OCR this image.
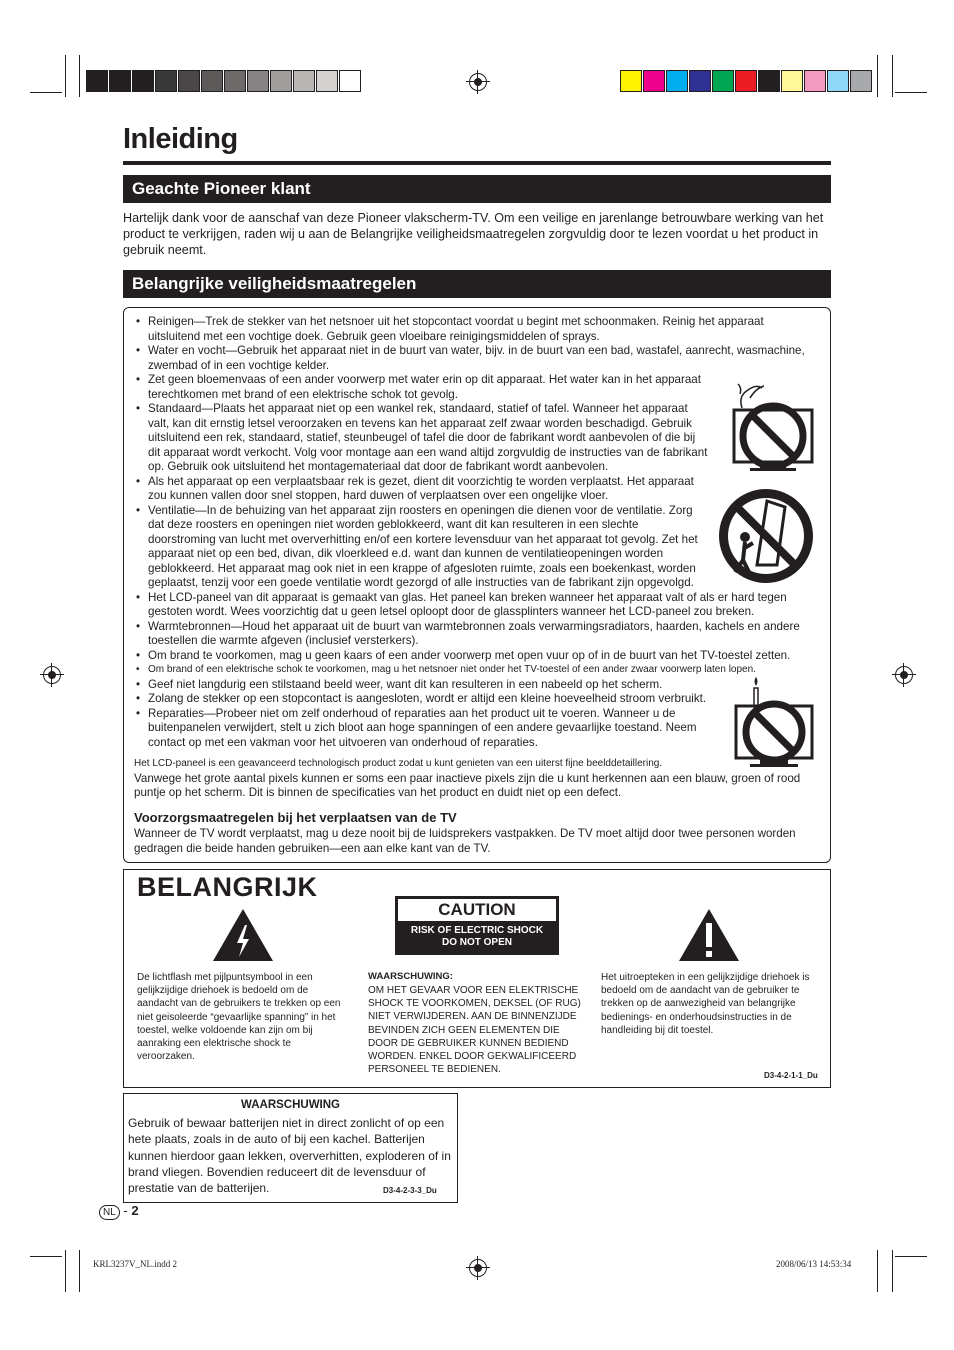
Inleiding
Geachte Pioneer klant

Hartelijk dank voor de aanschaf van deze Pioneer vlakscherm-TV. Om een veilige en jarenlange betrouwbare werking van het product te verkrijgen, raden wij u aan de Belangrijke veiligheidsmaatregelen zorgvuldig door te lezen voordat u het product in gebruik neemt.

Belangrijke veiligheidsmaatregelen
• Reinigen—Trek de stekker van het netsnoer uit het stopcontact voordat u begint met schoonmaken. Reinig het apparaat uitsluitend met een vochtige doek. Gebruik geen vloeibare reinigingsmiddelen of sprays.
• Water en vocht—Gebruik het apparaat niet in de buurt van water, bijv. in de buurt van een bad, wastafel, aanrecht, wasmachine, zwembad of in een vochtige kelder.
• Zet geen bloemenvaas of een ander voorwerp met water erin op dit apparaat. Het water kan in het apparaat terechtkomen met brand of een elektrische schok tot gevolg.
• Standaard—Plaats het apparaat niet op een wankel rek, standaard, statief of tafel. Wanneer het apparaat valt, kan dit ernstig letsel veroorzaken en tevens kan het apparaat zelf zwaar worden beschadigd. Gebruik uitsluitend een rek, standaard, statief, steunbeugel of tafel die door de fabrikant wordt aanbevolen of die bij dit apparaat wordt verkocht. Volg voor montage aan een wand altijd zorgvuldig de instructies van de fabrikant op. Gebruik ook uitsluitend het montagemateriaal dat door de fabrikant wordt aanbevolen.
• Als het apparaat op een verplaatsbaar rek is gezet, dient dit voorzichtig te worden verplaatst. Het apparaat zou kunnen vallen door snel stoppen, hard duwen of verplaatsen over een ongelijke vloer.
• Ventilatie—In de behuizing van het apparaat zijn roosters en openingen die dienen voor de ventilatie. Zorg dat deze roosters en openingen niet worden geblokkeerd, want dit kan resulteren in een slechte doorstroming van lucht met oververhitting en/of een kortere levensduur van het apparaat tot gevolg. Zet het apparaat niet op een bed, divan, dik vloerkleed e.d. want dan kunnen de ventilatieopeningen worden geblokkeerd. Het apparaat mag ook niet in een krappe of afgesloten ruimte, zoals een boekenkast, worden geplaatst, tenzij voor een goede ventilatie wordt gezorgd of alle instructies van de fabrikant zijn opgevolgd.
• Het LCD-paneel van dit apparaat is gemaakt van glas. Het paneel kan breken wanneer het apparaat valt of als er hard tegen gestoten wordt. Wees voorzichtig dat u geen letsel oploopt door de glassplinters wanneer het LCD-paneel zou breken.
• Warmtebronnen—Houd het apparaat uit de buurt van warmtebronnen zoals verwarmingsradiators, haarden, kachels en andere toestellen die warmte afgeven (inclusief versterkers).
• Om brand te voorkomen, mag u geen kaars of een ander voorwerp met open vuur op of in de buurt van het TV-toestel zetten.
• Om brand of een elektrische schok te voorkomen, mag u het netsnoer niet onder het TV-toestel of een ander zwaar voorwerp laten lopen.
• Geef niet langdurig een stilstaand beeld weer, want dit kan resulteren in een nabeeld op het scherm.
• Zolang de stekker op een stopcontact is aangesloten, wordt er altijd een kleine hoeveelheid stroom verbruikt.
• Reparaties—Probeer niet om zelf onderhoud of reparaties aan het product uit te voeren. Wanneer u de buitenpanelen verwijdert, stelt u zich bloot aan hoge spanningen of een andere gevaarlijke toestand. Neem contact op met een vakman voor het uitvoeren van onderhoud of reparaties.
Het LCD-paneel is een geavanceerd technologisch product zodat u kunt genieten van een uiterst fijne beelddetaillering.
Vanwege het grote aantal pixels kunnen er soms een paar inactieve pixels zijn die u kunt herkennen aan een blauw, groen of rood puntje op het scherm. Dit is binnen de specificaties van het product en duidt niet op een defect.
Voorzorgsmaatregelen bij het verplaatsen van de TV

Wanneer de TV wordt verplaatst, mag u deze nooit bij de luidsprekers vastpakken. De TV moet altijd door twee personen worden gedragen die beide handen gebruiken—een aan elke kant van de TV.

BELANGRIJK
De lichtflash met pijlpuntsymbool in een gelijkzijdige driehoek is bedoeld om de aandacht van de gebruikers te trekken op een niet geisoleerde “gevaarlijke spanning” in het toestel, welke voldoende kan zijn om bij aanraking een elektrische shock te veroorzaken.
CAUTION
RISK OF ELECTRIC SHOCK
DO NOT OPEN
WAARSCHUWING:
OM HET GEVAAR VOOR EEN ELEKTRISCHE SHOCK TE VOORKOMEN, DEKSEL (OF RUG) NIET VERWIJDEREN. AAN DE BINNENZIJDE BEVINDEN ZICH GEEN ELEMENTEN DIE DOOR DE GEBRUIKER KUNNEN BEDIEND WORDEN. ENKEL DOOR GEKWALIFICEERD PERSONEEL TE BEDIENEN.
Het uitroepteken in een gelijkzijdige driehoek is bedoeld om de aandacht van de gebruiker te trekken op de aanwezigheid van belangrijke bedienings- en onderhoudsinstructies in de handleiding bij dit toestel.
D3-4-2-1-1_Du
WAARSCHUWING
Gebruik of bewaar batterijen niet in direct zonlicht of op een hete plaats, zoals in de auto of bij een kachel. Batterijen kunnen hierdoor gaan lekken, oververhitten, exploderen of in brand vliegen. Bovendien reduceert dit de levensduur of prestatie van de batterijen.	D3-4-2-3-3_Du
NL - 2
KRL3237V_NL.indd 2	2008/06/13 14:53:34
